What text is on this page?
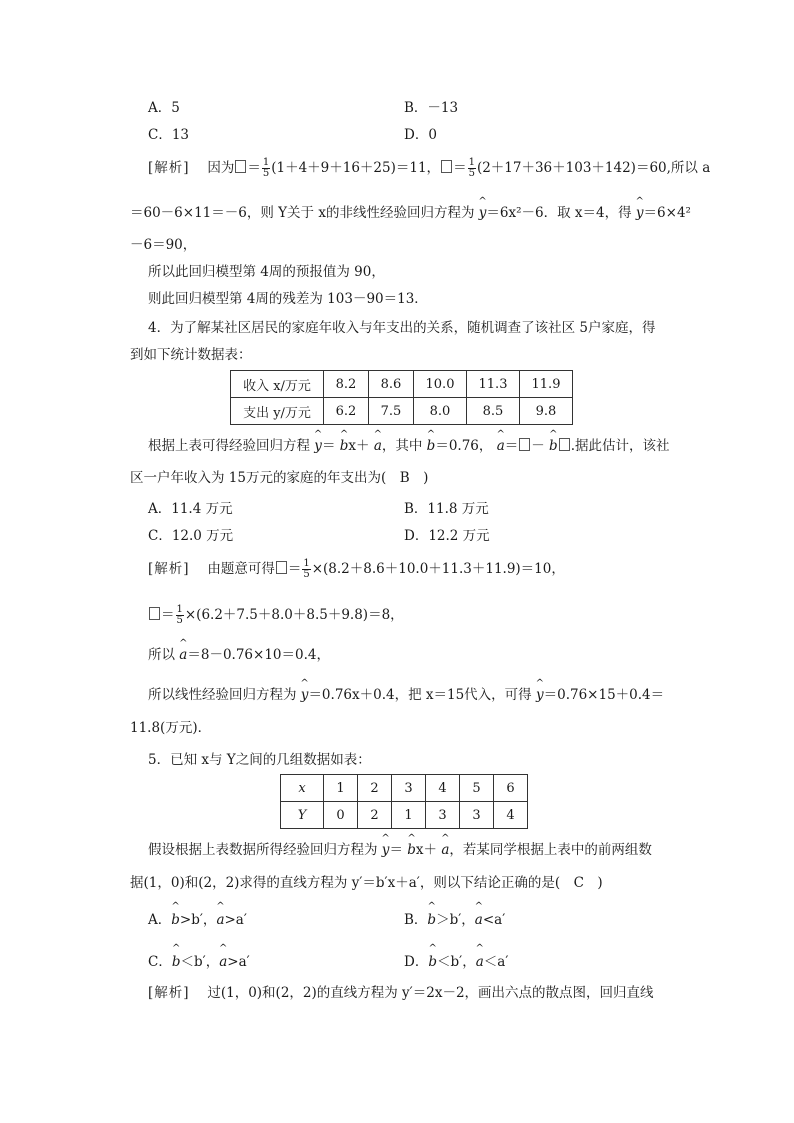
A．5	B．－13
C．13	D．0
[解析]　 因为 ＝ $\frac{1}{5} (1+4+9+16+25)=11$， ＝ $\frac{1}{5} (2+17+36+103+142)=60$,所以 a
＝60－6×11＝－6，则 Y关于 x的非线性经验回归方程为 ^ y＝6x²－6．取 x＝4，得 ^ y＝6×4²
－6＝90，
所以此回归模型第 4周的预报值为 90，
则此回归模型第 4周的残差为 103－90＝13．
4．为了解某社区居民的家庭年收入与年支出的关系，随机调查了该社区 5户家庭，得
到如下统计数据表：
收入 x/万元	8.2	8.6	10.0	11.3	11.9
支出 y/万元	6.2	7.5	8.0	8.5	9.8
根据上表可得经验回归方程 ^ y＝ ^ bx＋ ^ a，其中 ^ b＝0.76， ^ a＝ － ^ b .据此估计，该社
区一户年收入为 15万元的家庭的年支出为(　B　)
A．11.4 万元	B．11.8 万元
C．12.0 万元	D．12.2 万元
[解析]　 由题意可得 ＝ $\frac{1}{5} \times(8.2+8.6+10.0+11.3+11.9)=10$，
＝ $\frac{1}{5} \times(6.2+7.5+8.0+8.5+9.8)=8$，
所以 ^ a＝8－0.76×10＝0.4，
所以线性经验回归方程为 ^ y＝0.76x＋0.4，把 x＝15代入，可得 ^ y＝0.76×15＋0.4＝
11.8(万元)．
5．已知 x与 Y之间的几组数据如表：
x	1	2	3	4	5	6
Y	0	2	1	3	3	4
假设根据上表数据所得经验回归方程为 ^ y＝ ^ bx＋ ^ a，若某同学根据上表中的前两组数
据(1，0)和(2，2)求得的直线方程为 y′＝b′x＋a′，则以下结论正确的是(　C　)
A．^ b>b′，^ a>a′	B．^ b＞b′，^ a<a′
C．^ b＜b′，^ a>a′	D．^ b＜b′，^ a＜a′
[解析]　 过(1，0)和(2，2)的直线方程为 y′＝2x－2，画出六点的散点图，回归直线
